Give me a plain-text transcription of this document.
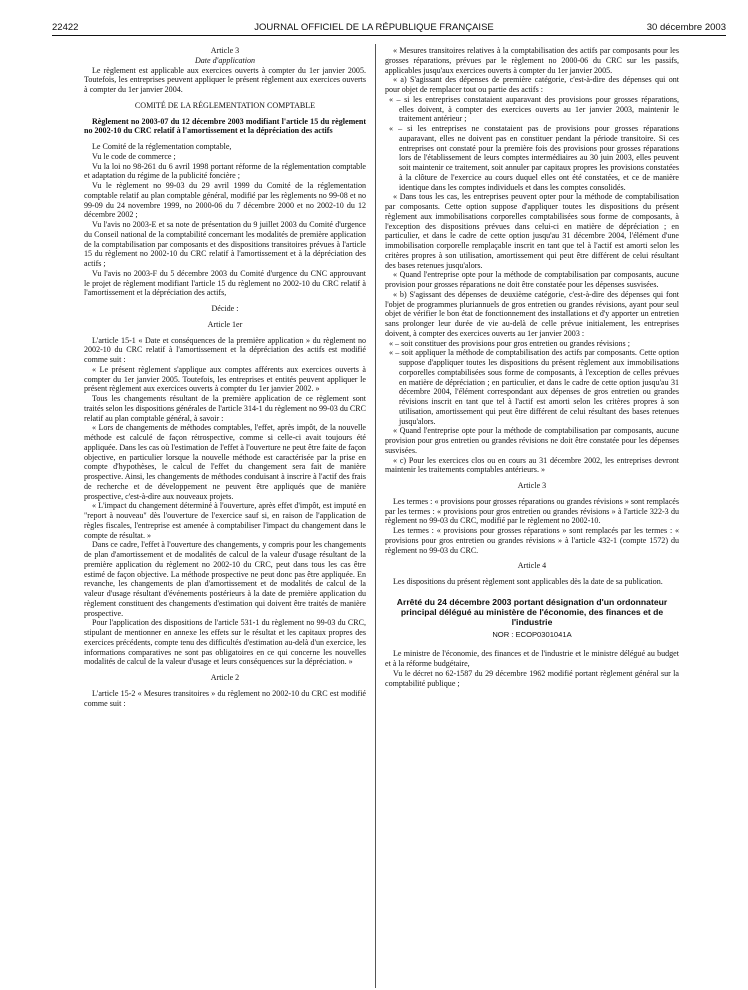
22422	JOURNAL OFFICIEL DE LA RÉPUBLIQUE FRANÇAISE	30 décembre 2003

Article 3

Date d'application

Le règlement est applicable aux exercices ouverts à compter du 1er janvier 2005. Toutefois, les entreprises peuvent appliquer le présent règlement aux exercices ouverts à compter du 1er janvier 2004.

COMITÉ DE LA RÉGLEMENTATION COMPTABLE

Règlement no 2003-07 du 12 décembre 2003 modifiant l'article 15 du règlement no 2002-10 du CRC relatif à l'amortissement et la dépréciation des actifs

Le Comité de la réglementation comptable,

Vu le code de commerce ;

Vu la loi no 98-261 du 6 avril 1998 portant réforme de la réglementation comptable et adaptation du régime de la publicité foncière ;

Vu le règlement no 99-03 du 29 avril 1999 du Comité de la réglementation comptable relatif au plan comptable général, modifié par les règlements no 99-08 et no 99-09 du 24 novembre 1999, no 2000-06 du 7 décembre 2000 et no 2002-10 du 12 décembre 2002 ;

Vu l'avis no 2003-E et sa note de présentation du 9 juillet 2003 du Comité d'urgence du Conseil national de la comptabilité concernant les modalités de première application de la comptabilisation par composants et des dispositions transitoires prévues à l'article 15 du règlement no 2002-10 du CRC relatif à l'amortissement et à la dépréciation des actifs ;

Vu l'avis no 2003-F du 5 décembre 2003 du Comité d'urgence du CNC approuvant le projet de règlement modifiant l'article 15 du règlement no 2002-10 du CRC relatif à l'amortissement et la dépréciation des actifs,

Décide :

Article 1er

L'article 15-1 « Date et conséquences de la première application » du règlement no 2002-10 du CRC relatif à l'amortissement et la dépréciation des actifs est modifié comme suit :

« Le présent règlement s'applique aux comptes afférents aux exercices ouverts à compter du 1er janvier 2005. Toutefois, les entreprises et entités peuvent appliquer le présent règlement aux exercices ouverts à compter du 1er janvier 2002. »

Tous les changements résultant de la première application de ce règlement sont traités selon les dispositions générales de l'article 314-1 du règlement no 99-03 du CRC relatif au plan comptable général, à savoir :

« Lors de changements de méthodes comptables, l'effet, après impôt, de la nouvelle méthode est calculé de façon rétrospective, comme si celle-ci avait toujours été appliquée. Dans les cas où l'estimation de l'effet à l'ouverture ne peut être faite de façon objective, en particulier lorsque la nouvelle méthode est caractérisée par la prise en compte d'hypothèses, le calcul de l'effet du changement sera fait de manière prospective. Ainsi, les changements de méthodes conduisant à inscrire à l'actif des frais de recherche et de développement ne peuvent être appliqués que de manière prospective, c'est-à-dire aux nouveaux projets.

« L'impact du changement déterminé à l'ouverture, après effet d'impôt, est imputé en "report à nouveau" dès l'ouverture de l'exercice sauf si, en raison de l'application de règles fiscales, l'entreprise est amenée à comptabiliser l'impact du changement dans le compte de résultat. »

Dans ce cadre, l'effet à l'ouverture des changements, y compris pour les changements de plan d'amortissement et de modalités de calcul de la valeur d'usage résultant de la première application du règlement no 2002-10 du CRC, peut dans tous les cas être estimé de façon objective. La méthode prospective ne peut donc pas être appliquée. En revanche, les changements de plan d'amortissement et de modalités de calcul de la valeur d'usage résultant d'événements postérieurs à la date de première application du règlement constituent des changements d'estimation qui doivent être traités de manière prospective.

Pour l'application des dispositions de l'article 531-1 du règlement no 99-03 du CRC, stipulant de mentionner en annexe les effets sur le résultat et les capitaux propres des exercices précédents, compte tenu des difficultés d'estimation au-delà d'un exercice, les informations comparatives ne sont pas obligatoires en ce qui concerne les nouvelles modalités de calcul de la valeur d'usage et leurs conséquences sur la dépréciation. »

Article 2

L'article 15-2 « Mesures transitoires » du règlement no 2002-10 du CRC est modifié comme suit :

« Mesures transitoires relatives à la comptabilisation des actifs par composants pour les grosses réparations, prévues par le règlement no 2000-06 du CRC sur les passifs, applicables jusqu'aux exercices ouverts à compter du 1er janvier 2005.

« a) S'agissant des dépenses de première catégorie, c'est-à-dire des dépenses qui ont pour objet de remplacer tout ou partie des actifs :

« – si les entreprises constataient auparavant des provisions pour grosses réparations, elles doivent, à compter des exercices ouverts au 1er janvier 2003, maintenir le traitement antérieur ;

« – si les entreprises ne constataient pas de provisions pour grosses réparations auparavant, elles ne doivent pas en constituer pendant la période transitoire. Si ces entreprises ont constaté pour la première fois des provisions pour grosses réparations lors de l'établissement de leurs comptes intermédiaires au 30 juin 2003, elles peuvent soit maintenir ce traitement, soit annuler par capitaux propres les provisions constatées à la clôture de l'exercice au cours duquel elles ont été constatées, et ce de manière identique dans les comptes individuels et dans les comptes consolidés.

« Dans tous les cas, les entreprises peuvent opter pour la méthode de comptabilisation par composants. Cette option suppose d'appliquer toutes les dispositions du présent règlement aux immobilisations corporelles comptabilisées sous forme de composants, à l'exception des dispositions prévues dans celui-ci en matière de dépréciation ; en particulier, et dans le cadre de cette option jusqu'au 31 décembre 2004, l'élément d'une immobilisation corporelle remplaçable inscrit en tant que tel à l'actif est amorti selon les critères propres à son utilisation, amortissement qui peut être différent de celui résultant des bases retenues jusqu'alors.

« Quand l'entreprise opte pour la méthode de comptabilisation par composants, aucune provision pour grosses réparations ne doit être constatée pour les dépenses susvisées.

« b) S'agissant des dépenses de deuxième catégorie, c'est-à-dire des dépenses qui font l'objet de programmes pluriannuels de gros entretien ou grandes révisions, ayant pour seul objet de vérifier le bon état de fonctionnement des installations et d'y apporter un entretien sans prolonger leur durée de vie au-delà de celle prévue initialement, les entreprises doivent, à compter des exercices ouverts au 1er janvier 2003 :

« – soit constituer des provisions pour gros entretien ou grandes révisions ;

« – soit appliquer la méthode de comptabilisation des actifs par composants. Cette option suppose d'appliquer toutes les dispositions du présent règlement aux immobilisations corporelles comptabilisées sous forme de composants, à l'exception de celles prévues en matière de dépréciation ; en particulier, et dans le cadre de cette option jusqu'au 31 décembre 2004, l'élément correspondant aux dépenses de gros entretien ou grandes révisions inscrit en tant que tel à l'actif est amorti selon les critères propres à son utilisation, amortissement qui peut être différent de celui résultant des bases retenues jusqu'alors.

« Quand l'entreprise opte pour la méthode de comptabilisation par composants, aucune provision pour gros entretien ou grandes révisions ne doit être constatée pour les dépenses susvisées.

« c) Pour les exercices clos ou en cours au 31 décembre 2002, les entreprises devront maintenir les traitements comptables antérieurs. »

Article 3

Les termes : « provisions pour grosses réparations ou grandes révisions » sont remplacés par les termes : « provisions pour gros entretien ou grandes révisions » à l'article 322-3 du règlement no 99-03 du CRC, modifié par le règlement no 2002-10.

Les termes : « provisions pour grosses réparations » sont remplacés par les termes : « provisions pour gros entretien ou grandes révisions » à l'article 432-1 (compte 1572) du règlement no 99-03 du CRC.

Article 4

Les dispositions du présent règlement sont applicables dès la date de sa publication.

Arrêté du 24 décembre 2003 portant désignation d'un ordonnateur principal délégué au ministère de l'économie, des finances et de l'industrie
NOR : ECOP0301041A

Le ministre de l'économie, des finances et de l'industrie et le ministre délégué au budget et à la réforme budgétaire,

Vu le décret no 62-1587 du 29 décembre 1962 modifié portant règlement général sur la comptabilité publique ;
